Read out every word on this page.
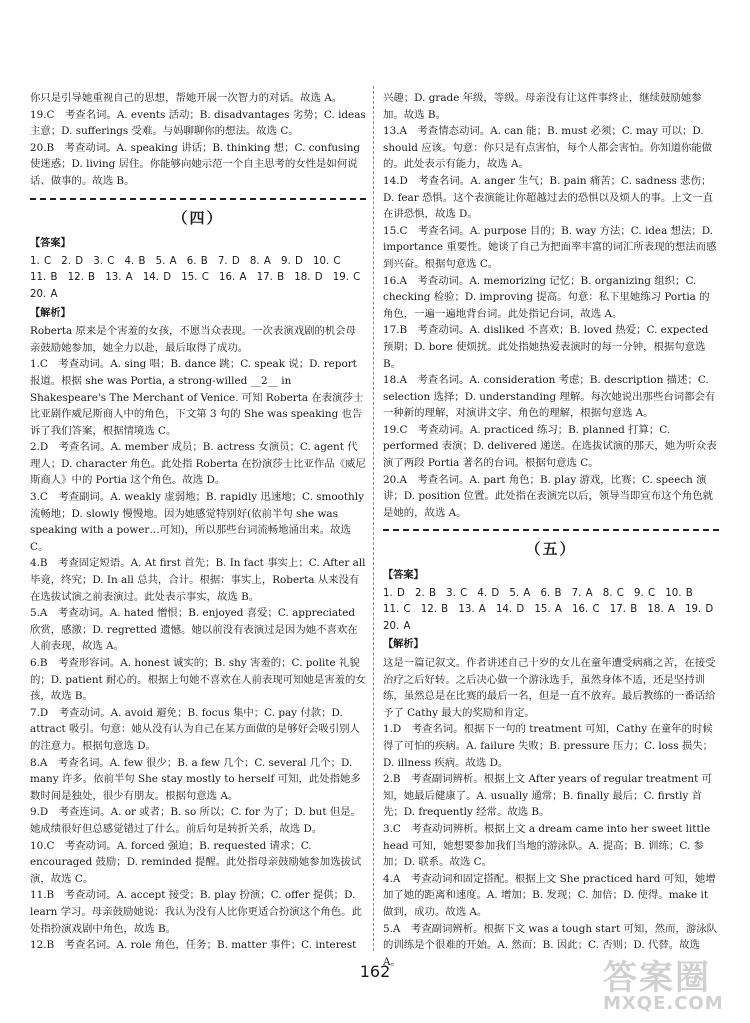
你只是引导她重视自己的思想，帮她开展一次智力的对话。故选 A。

19.C　考查名词。A. events 活动；B. disadvantages 劣势；C. ideas 主意；D. sufferings 受难。与妈聊聊你的想法。故选 C。

20.B　考查动词。A. speaking 讲话；B. thinking 想；C. confusing 使迷惑；D. living 居住。你能够向她示范一个自主思考的女性是如何说话、做事的。故选 B。

（四）
【答案】
1. C　2. D　3. C　4. B　5. A　6. B　7. D　8. A　9. D　10. C
11. B　12. B　13. A　14. D　15. C　16. A　17. B　18. D　19. C
20. A
【解析】

Roberta 原来是个害羞的女孩，不愿当众表现。一次表演戏剧的机会母亲鼓励她参加，她全力以赴，最后取得了成功。

1.C　考查动词。A. sing 唱；B. dance 跳；C. speak 说；D. report 报道。根据 she was Portia, a strong-willed __2__ in Shakespeare's The Merchant of Venice. 可知 Roberta 在表演莎士比亚剧作威尼斯商人中的角色，下文第 3 句的 She was speaking 也告诉了我们答案，根据情境选 C。

2.D　考查名词。A. member 成员；B. actress 女演员；C. agent 代理人；D. character 角色。此处指 Roberta 在扮演莎士比亚作品《威尼斯商人》中的 Portia 这个角色。故选 D。

3.C　考查副词。A. weakly 虚弱地；B. rapidly 迅速地；C. smoothly 流畅地；D. slowly 慢慢地。因为她感觉特别好(依前半句 she was speaking with a power…可知)，所以那些台词流畅地涌出来。故选 C。

4.B　考查固定短语。A. At first 首先；B. In fact 事实上；C. After all 毕竟，终究；D. In all 总共，合计。根据：事实上，Roberta 从来没有在选拔试演之前表演过。此处表示事实，故选 B。

5.A　考查动词。A. hated 憎恨；B. enjoyed 喜爱；C. appreciated 欣赏，感激；D. regretted 遗憾。她以前没有表演过是因为她不喜欢在人前表现，故选 A。

6.B　考查形容词。A. honest 诚实的；B. shy 害羞的；C. polite 礼貌的；D. patient 耐心的。根据上句她不喜欢在人前表现可知她是害羞的女孩，故选 B。

7.D　考查动词。A. avoid 避免；B. focus 集中；C. pay 付款；D. attract 吸引。句意：她从没有认为自己在某方面做的是够好会吸引别人的注意力。根据句意选 D。

8.A　考查名词。A. few 很少；B. a few 几个；C. several 几个；D. many 许多。依前半句 She stay mostly to herself 可知，此处指她多数时间是独处，很少有朋友。根据句意选 A。

9.D　考查连词。A. or 或者；B. so 所以；C. for 为了；D. but 但是。她成绩很好但总感觉错过了什么。前后句是转折关系，故选 D。

10.C　考查动词。A. forced 强迫；B. requested 请求；C. encouraged 鼓励；D. reminded 提醒。此处指母亲鼓励她参加选拔试演，故选 C。

11.B　考查动词。A. accept 接受；B. play 扮演；C. offer 提供；D. learn 学习。母亲鼓励她说：我认为没有人比你更适合扮演这个角色。此处指扮演戏剧中角色，故选 B。

12.B　考查名词。A. role 角色，任务；B. matter 事件；C. interest

兴趣；D. grade 年级，等级。母亲没有让这件事终止，继续鼓励她参加。故选 B。

13.A　考查情态动词。A. can 能；B. must 必须；C. may 可以；D. should 应该。句意：你只是有点害怕，每个人都会害怕。你知道你能做的。此处表示有能力，故选 A。

14.D　考查名词。A. anger 生气；B. pain 痛苦；C. sadness 悲伤；D. fear 恐惧。这个表演能让你超越过去的恐惧以及烦人的事。上文一直在讲恐惧，故选 D。

15.C　考查名词。A. purpose 目的；B. way 方法；C. idea 想法；D. importance 重要性。她谈了自己为把面率丰富的词汇所表现的想法而感到兴奋。根据句意选 C。

16.A　考查动词。A. memorizing 记忆；B. organizing 组织；C. checking 检验；D. improving 提高。句意：私下里她练习 Portia 的角色，一遍一遍地背台词。此处指记台词，故选 A。

17.B　考查动词。A. disliked 不喜欢；B. loved 热爱；C. expected 预期；D. bore 使烦扰。此处指她热爱表演时的每一分钟，根据句意选 B。

18.A　考查名词。A. consideration 考虑；B. description 描述；C. selection 选择；D. understanding 理解。每次她说出那些台词都会有一种新的理解，对演讲文字、角色的理解，根据句意选 A。

19.C　考查动词。A. practiced 练习；B. planned 打算；C. performed 表演；D. delivered 递送。在选拔试演的那天，她为听众表演了两段 Portia 著名的台词。根据句意选 C。

20.A　考查名词。A. part 角色；B. play 游戏，比赛；C. speech 演讲；D. position 位置。此处指在表演完以后，领导当即宣布这个角色就是她的，故选 A。

（五）
【答案】
1. D　2. B　3. C　4. D　5. A　6. B　7. A　8. C　9. C　10. B
11. C　12. B　13. A　14. D　15. A　16. C　17. B　18. A　19. D
20. A
【解析】

这是一篇记叙文。作者讲述自己十岁的女儿在童年遭受病痛之苦，在接受治疗之后好转。之后决心做一个游泳选手，虽然身体不适，还是坚持训练，虽然总是在比赛的最后一名，但是一直不放弃。最后教练的一番话给予了 Cathy 最大的奖励和肯定。

1.D　考查名词。根据下一句的 treatment 可知，Cathy 在童年的时候得了可怕的疾病。A. failure 失败；B. pressure 压力；C. loss 损失；D. illness 疾病。故选 D。

2.B　考查副词辨析。根据上文 After years of regular treatment 可知，她最后健康了。A. usually 通常；B. finally 最后；C. firstly 首先；D. frequently 经常。故选 B。

3.C　考查动词辨析。根据上文 a dream came into her sweet little head 可知，她想要参加我们当地的游泳队。A. 提高；B. 训练；C. 参加；D. 联系。故选 C。

4.A　考查动词和固定搭配。根据上文 She practiced hard 可知，她增加了她的距离和速度。A. 增加；B. 发现；C. 加倍；D. 使得。make it 做到，成功。故选 A。

5.A　考查副词辨析。根据下文 was a tough start 可知，然而，游泳队的训练是个很难的开始。A. 然而；B. 因此；C. 否则；D. 代替。故选 A。

162	答案圈
MXQE.COM
